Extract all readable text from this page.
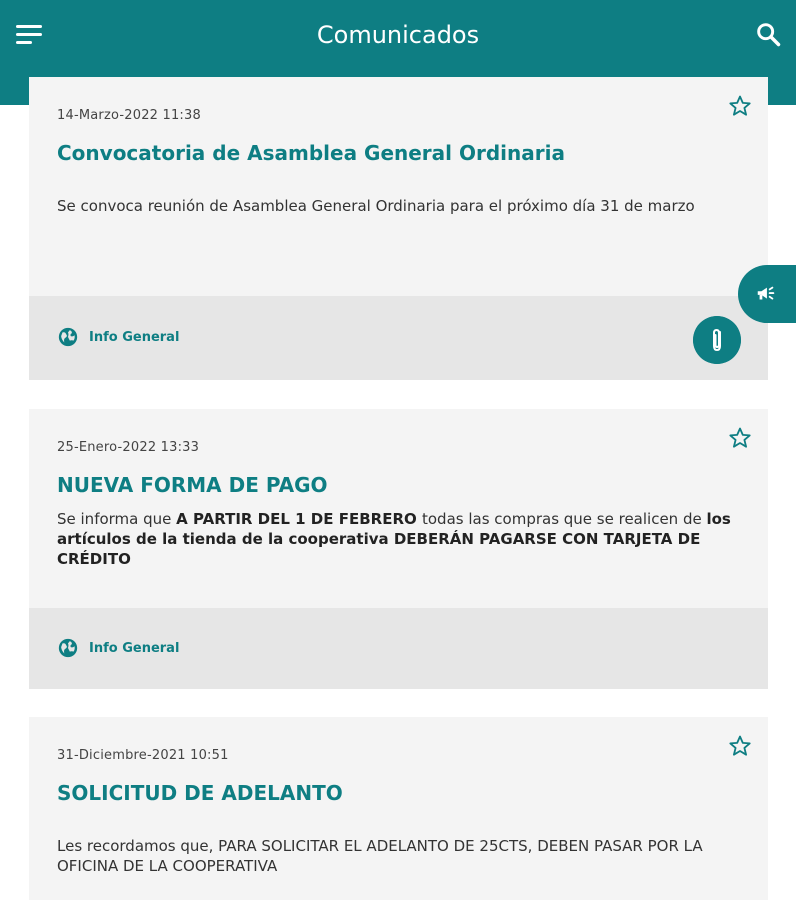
Comunicados
14-Marzo-2022 11:38
Convocatoria de Asamblea General Ordinaria
Se convoca reunión de Asamblea General Ordinaria para el próximo día 31 de marzo
Info General
25-Enero-2022 13:33
NUEVA FORMA DE PAGO
Se informa que A PARTIR DEL 1 DE FEBRERO todas las compras que se realicen de los artículos de la tienda de la cooperativa DEBERÁN PAGARSE CON TARJETA DE CRÉDITO
Info General
31-Diciembre-2021 10:51
SOLICITUD DE ADELANTO
Les recordamos que, PARA SOLICITAR EL ADELANTO DE 25CTS, DEBEN PASAR POR LA OFICINA DE LA COOPERATIVA
